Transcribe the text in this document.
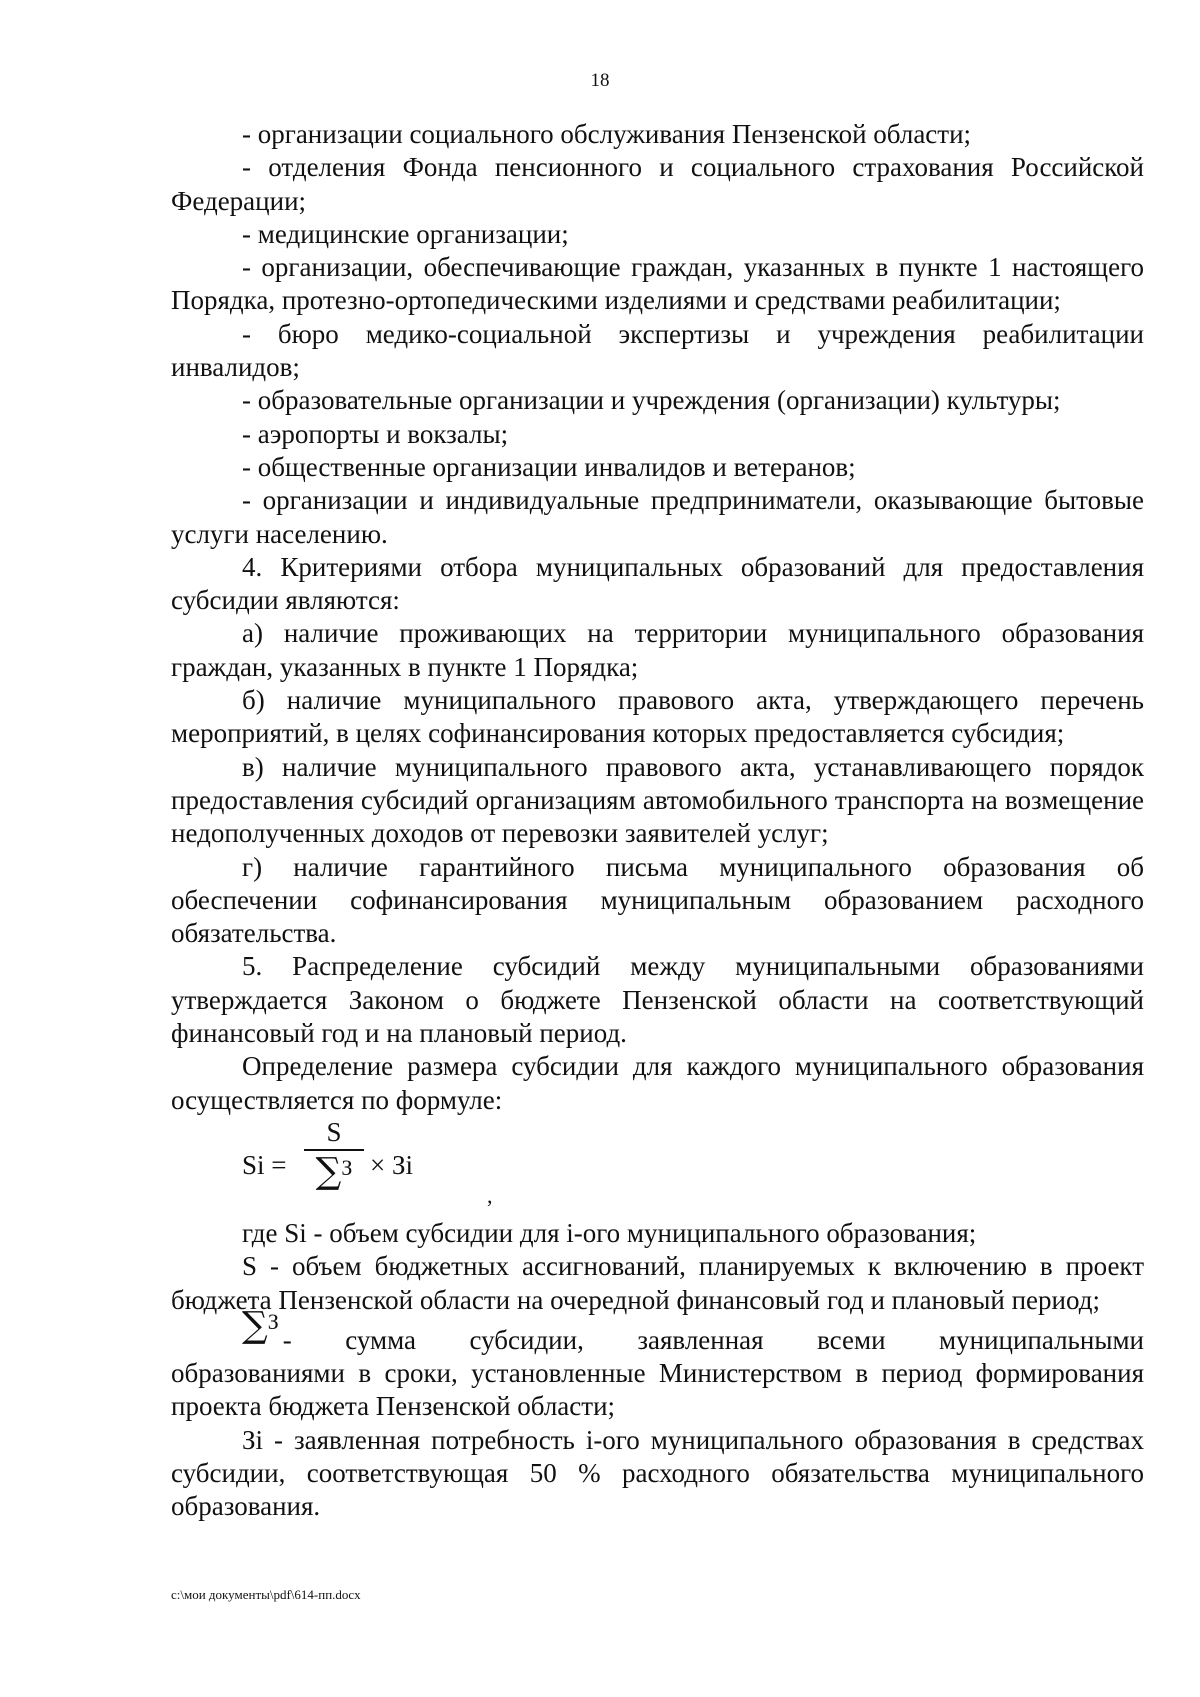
18

- организации социального обслуживания Пензенской области;

- отделения Фонда пенсионного и социального страхования Российской Федерации;

- медицинские организации;

- организации, обеспечивающие граждан, указанных в пункте 1 настоящего Порядка, протезно-ортопедическими изделиями и средствами реабилитации;

- бюро медико-социальной экспертизы и учреждения реабилитации инвалидов;

- образовательные организации и учреждения (организации) культуры;

- аэропорты и вокзалы;

- общественные организации инвалидов и ветеранов;

- организации и индивидуальные предприниматели, оказывающие бытовые услуги населению.

4. Критериями отбора муниципальных образований для предоставления субсидии являются:

а) наличие проживающих на территории муниципального образования граждан, указанных в пункте 1 Порядка;

б) наличие муниципального правового акта, утверждающего перечень мероприятий, в целях софинансирования которых предоставляется субсидия;

в) наличие муниципального правового акта, устанавливающего порядок предоставления субсидий организациям автомобильного транспорта на возмещение недополученных доходов от перевозки заявителей услуг;

г) наличие гарантийного письма муниципального образования об обеспечении софинансирования муниципальным образованием расходного обязательства.

5. Распределение субсидий между муниципальными образованиями утверждается Законом о бюджете Пензенской области на соответствующий финансовый год и на плановый период.

Определение размера субсидии для каждого муниципального образования осуществляется по формуле:

Si =
S
∑$^З$ × Зi
,

где Si - объем субсидии для i-ого муниципального образования;

S - объем бюджетных ассигнований, планируемых к включению в проект бюджета Пензенской области на очередной финансовый год и плановый период;

∑$^З$- сумма субсидии, заявленная всеми муниципальными

образованиями в сроки, установленные Министерством в период формирования проекта бюджета Пензенской области;

Зi - заявленная потребность i-ого муниципального образования в средствах субсидии, соответствующая 50 % расходного обязательства муниципального образования.

c:\мои документы\pdf\614-пп.docx
